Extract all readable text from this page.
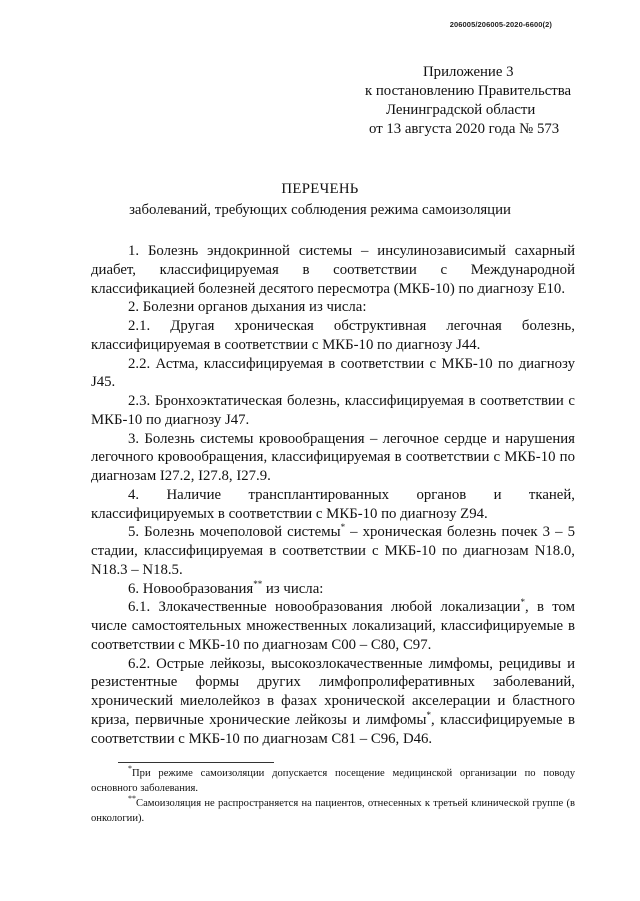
206005/206005-2020-6600(2)
Приложение 3
к постановлению Правительства
Ленинградской области
от 13 августа 2020 года № 573
ПЕРЕЧЕНЬ
заболеваний, требующих соблюдения режима самоизоляции

1. Болезнь эндокринной системы – инсулинозависимый сахарный диабет, классифицируемая в соответствии с Международной классификацией болезней десятого пересмотра (МКБ-10) по диагнозу E10.

2. Болезни органов дыхания из числа:

2.1. Другая хроническая обструктивная легочная болезнь, классифицируемая в соответствии с МКБ-10 по диагнозу J44.

2.2. Астма, классифицируемая в соответствии с МКБ-10 по диагнозу J45.

2.3. Бронхоэктатическая болезнь, классифицируемая в соответствии с МКБ-10 по диагнозу J47.

3. Болезнь системы кровообращения – легочное сердце и нарушения легочного кровообращения, классифицируемая в соответствии с МКБ-10 по диагнозам I27.2, I27.8, I27.9.

4. Наличие трансплантированных органов и тканей, классифицируемых в соответствии с МКБ-10 по диагнозу Z94.

5. Болезнь мочеполовой системы* – хроническая болезнь почек 3 – 5 стадии, классифицируемая в соответствии с МКБ-10 по диагнозам N18.0, N18.3 – N18.5.

6. Новообразования** из числа:

6.1. Злокачественные новообразования любой локализации*, в том числе самостоятельных множественных локализаций, классифицируемые в соответствии с МКБ-10 по диагнозам C00 – C80, C97.

6.2. Острые лейкозы, высокозлокачественные лимфомы, рецидивы и резистентные формы других лимфопролиферативных заболеваний, хронический миелолейкоз в фазах хронической акселерации и бластного криза, первичные хронические лейкозы и лимфомы*, классифицируемые в соответствии с МКБ-10 по диагнозам C81 – C96, D46.

*При режиме самоизоляции допускается посещение медицинской организации по поводу основного заболевания.

**Самоизоляция не распространяется на пациентов, отнесенных к третьей клинической группе (в онкологии).
